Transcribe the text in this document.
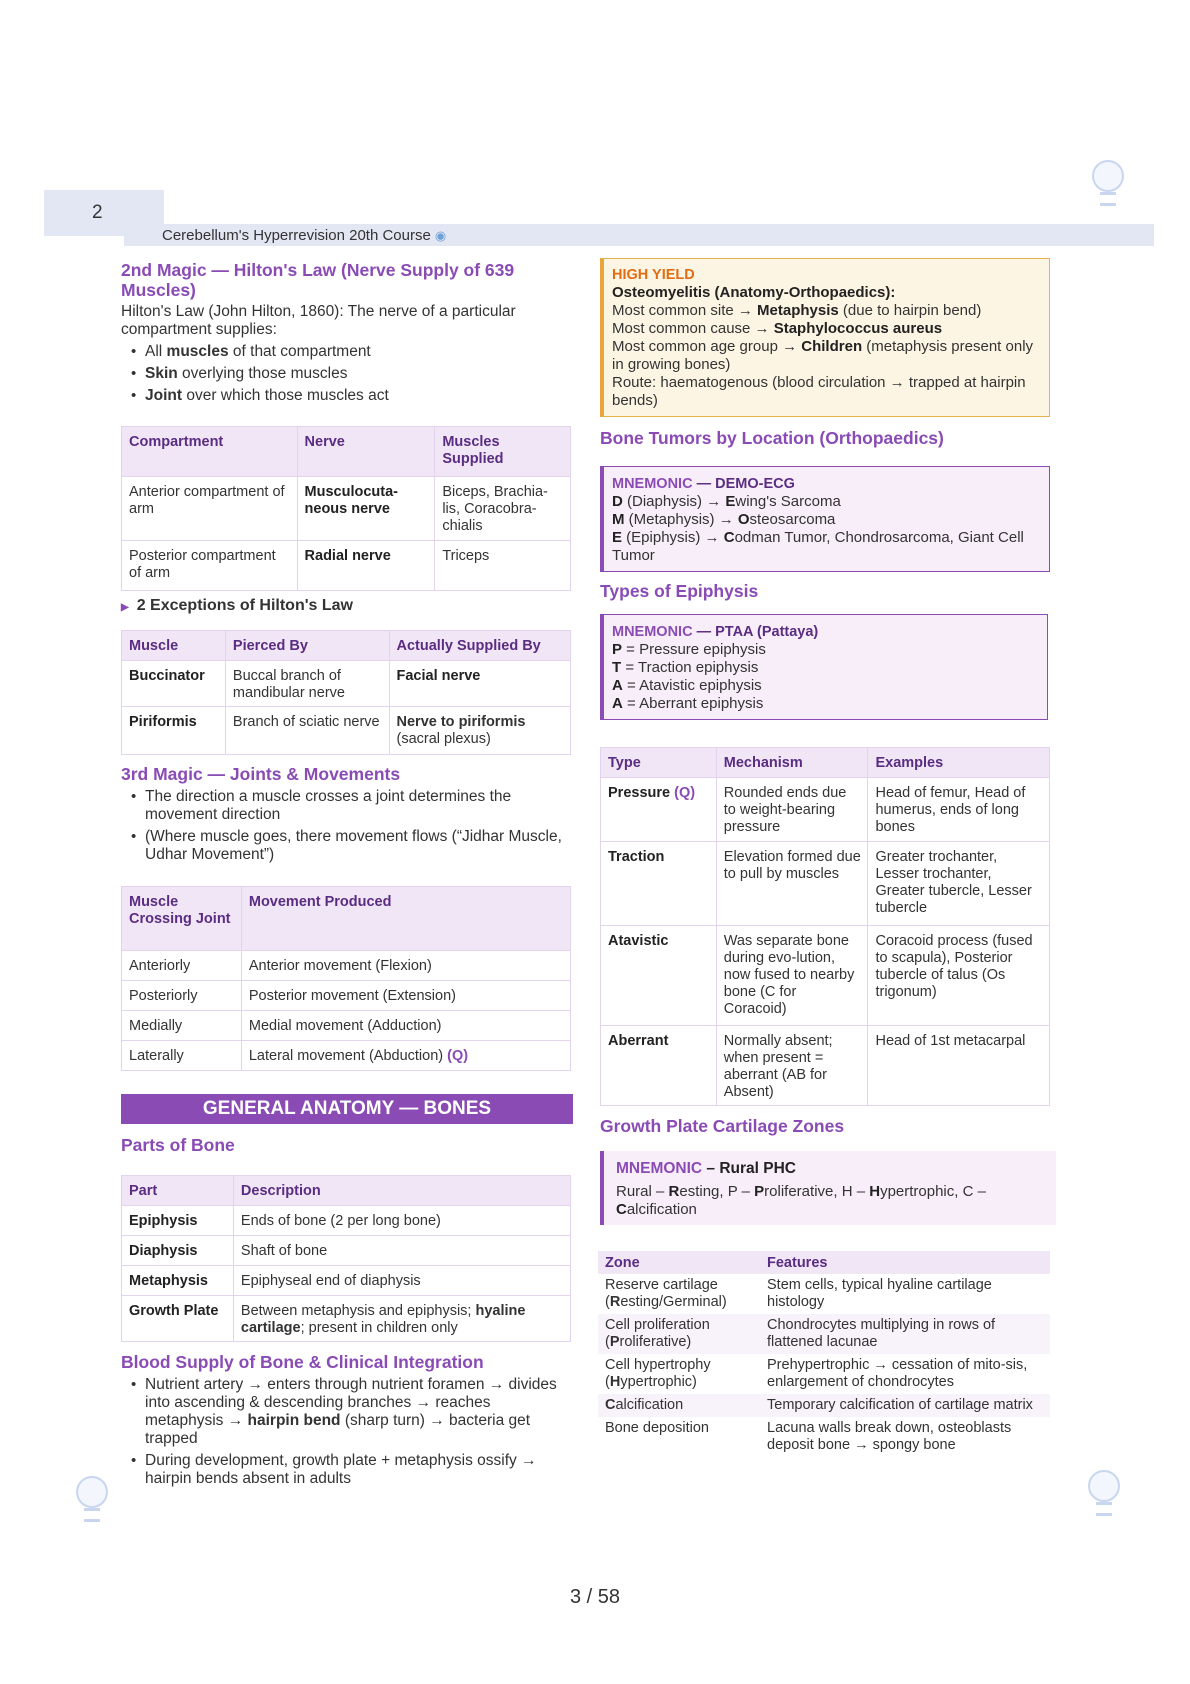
2
Cerebellum's Hyperrevision 20th Course ◉
2nd Magic — Hilton's Law (Nerve Supply of 639 Muscles)
Hilton's Law (John Hilton, 1860): The nerve of a particular compartment supplies:
• All muscles of that compartment
• Skin overlying those muscles
• Joint over which those muscles act
Compartment	Nerve	Muscles Supplied
Anterior compartment of arm	Musculocuta-neous nerve	Biceps, Brachia-lis, Coracobra-chialis
Posterior compartment of arm	Radial nerve	Triceps
▶ 2 Exceptions of Hilton's Law
Muscle	Pierced By	Actually Supplied By
Buccinator	Buccal branch of mandibular nerve	Facial nerve
Piriformis	Branch of sciatic nerve	Nerve to piriformis
(sacral plexus)
3rd Magic — Joints & Movements
• The direction a muscle crosses a joint determines the movement direction
• (Where muscle goes, there movement flows (“Jidhar Muscle, Udhar Movement”)
Muscle Crossing Joint	Movement Produced
Anteriorly	Anterior movement (Flexion)
Posteriorly	Posterior movement (Extension)
Medially	Medial movement (Adduction)
Laterally	Lateral movement (Abduction) (Q)
GENERAL ANATOMY — BONES
Parts of Bone
Part	Description
Epiphysis	Ends of bone (2 per long bone)
Diaphysis	Shaft of bone
Metaphysis	Epiphyseal end of diaphysis
Growth Plate	Between metaphysis and epiphysis; hyaline cartilage; present in children only
Blood Supply of Bone & Clinical Integration
• Nutrient artery → enters through nutrient foramen → divides into ascending & descending branches → reaches metaphysis → hairpin bend (sharp turn) → bacteria get trapped
• During development, growth plate + metaphysis ossify → hairpin bends absent in adults
HIGH YIELD
Osteomyelitis (Anatomy-Orthopaedics):
Most common site → Metaphysis (due to hairpin bend)
Most common cause → Staphylococcus aureus
Most common age group → Children (metaphysis present only in growing bones)
Route: haematogenous (blood circulation → trapped at hairpin bends)
Bone Tumors by Location (Orthopaedics)
MNEMONIC — DEMO-ECG
D (Diaphysis) → Ewing's Sarcoma
M (Metaphysis) → Osteosarcoma
E (Epiphysis) → Codman Tumor, Chondrosarcoma, Giant Cell Tumor
Types of Epiphysis
MNEMONIC — PTAA (Pattaya)
P = Pressure epiphysis
T = Traction epiphysis
A = Atavistic epiphysis
A = Aberrant epiphysis
Type	Mechanism	Examples
Pressure (Q)	Rounded ends due to weight-bearing pressure	Head of femur, Head of humerus, ends of long bones
Traction	Elevation formed due to pull by muscles	Greater trochanter, Lesser trochanter, Greater tubercle, Lesser tubercle
Atavistic	Was separate bone during evo-lution, now fused to nearby bone (C for Coracoid)	Coracoid process (fused to scapula), Posterior tubercle of talus (Os trigonum)
Aberrant	Normally absent; when present = aberrant (AB for Absent)	Head of 1st metacarpal
Growth Plate Cartilage Zones
MNEMONIC – Rural PHC
Rural – Resting, P – Proliferative, H – Hypertrophic, C – Calcification
Zone	Features
Reserve cartilage (Resting/Germinal)	Stem cells, typical hyaline cartilage histology
Cell proliferation (Proliferative)	Chondrocytes multiplying in rows of flattened lacunae
Cell hypertrophy (Hypertrophic)	Prehypertrophic → cessation of mito-sis, enlargement of chondrocytes
Calcification	Temporary calcification of cartilage matrix
Bone deposition	Lacuna walls break down, osteoblasts deposit bone → spongy bone
3 / 58
